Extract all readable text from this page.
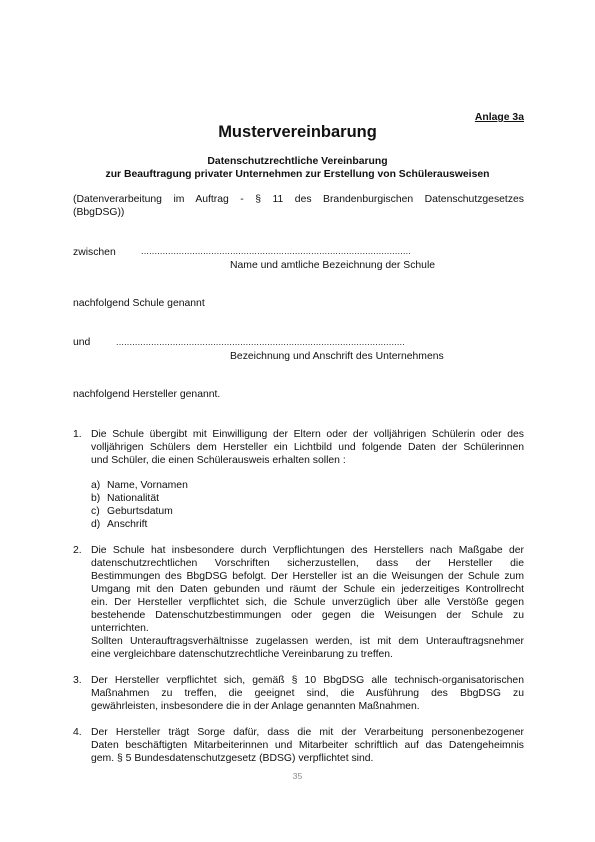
Anlage 3a
Mustervereinbarung
Datenschutzrechtliche Vereinbarung
zur Beauftragung privater Unternehmen zur Erstellung von Schülerausweisen
(Datenverarbeitung im Auftrag - § 11 des Brandenburgischen Datenschutzgesetzes
(BbgDSG))
zwischen	....................................................................................................
Name und amtliche Bezeichnung der Schule
nachfolgend Schule genannt
und	...........................................................................................................
Bezeichnung und Anschrift des Unternehmens
nachfolgend Hersteller genannt.
1. Die Schule übergibt mit Einwilligung der Eltern oder der volljährigen Schülerin oder des
volljährigen Schülers dem Hersteller ein Lichtbild und folgende Daten der Schülerinnen
und Schüler, die einen Schülerausweis erhalten sollen :
a) Name, Vornamen
b) Nationalität
c) Geburtsdatum
d) Anschrift
2. Die Schule hat insbesondere durch Verpflichtungen des Herstellers nach Maßgabe der
datenschutzrechtlichen Vorschriften sicherzustellen, dass der Hersteller die
Bestimmungen des BbgDSG befolgt. Der Hersteller ist an die Weisungen der Schule zum
Umgang mit den Daten gebunden und räumt der Schule ein jederzeitiges Kontrollrecht
ein. Der Hersteller verpflichtet sich, die Schule unverzüglich über alle Verstöße gegen
bestehende Datenschutzbestimmungen oder gegen die Weisungen der Schule zu
unterrichten.
Sollten Unterauftragsverhältnisse zugelassen werden, ist mit dem Unterauftragsnehmer
eine vergleichbare datenschutzrechtliche Vereinbarung zu treffen.
3. Der Hersteller verpflichtet sich, gemäß § 10 BbgDSG alle technisch-organisatorischen
Maßnahmen zu treffen, die geeignet sind, die Ausführung des BbgDSG zu
gewährleisten, insbesondere die in der Anlage genannten Maßnahmen.
4. Der Hersteller trägt Sorge dafür, dass die mit der Verarbeitung personenbezogener
Daten beschäftigten Mitarbeiterinnen und Mitarbeiter schriftlich auf das Datengeheimnis
gem. § 5 Bundesdatenschutzgesetz (BDSG) verpflichtet sind.
35
